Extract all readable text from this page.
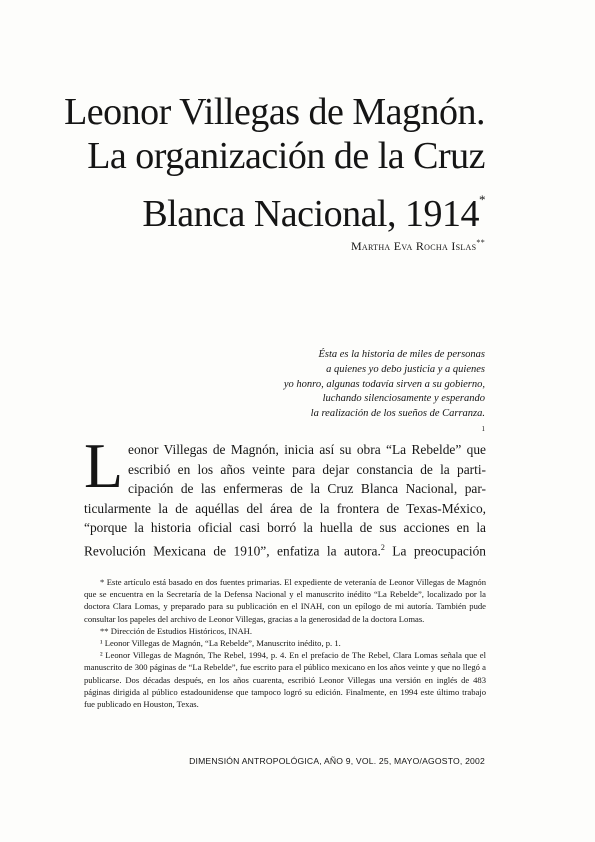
Leonor Villegas de Magnón.
La organización de la Cruz
Blanca Nacional, 1914*
Martha Eva Rocha Islas**
Ésta es la historia de miles de personas
a quienes yo debo justicia y a quienes
yo honro, algunas todavía sirven a su gobierno,
luchando silenciosamente y esperando
la realización de los sueños de Carranza.
$^1$
L eonor Villegas de Magnón, inicia así su obra “La Rebelde” que
escribió en los años veinte para dejar constancia de la parti-
cipación de las enfermeras de la Cruz Blanca Nacional, par-
ticularmente la de aquéllas del área de la frontera de Texas-México,
“porque la historia oficial casi borró la huella de sus acciones en la
Revolución Mexicana de 1910”, enfatiza la autora.$^2$ La preocupación

* Este artículo está basado en dos fuentes primarias. El expediente de veteranía de Leonor Villegas de Magnón que se encuentra en la Secretaría de la Defensa Nacional y el manuscrito inédito “La Rebelde”, localizado por la doctora Clara Lomas, y preparado para su publicación en el INAH, con un epílogo de mi autoría. También pude consultar los papeles del archivo de Leonor Villegas, gracias a la generosidad de la doctora Lomas.

** Dirección de Estudios Históricos, INAH.

¹ Leonor Villegas de Magnón, “La Rebelde”, Manuscrito inédito, p. 1.

² Leonor Villegas de Magnón, The Rebel, 1994, p. 4. En el prefacio de The Rebel, Clara Lomas señala que el manuscrito de 300 páginas de “La Rebelde”, fue escrito para el público mexicano en los años veinte y que no llegó a publicarse. Dos décadas después, en los años cuarenta, escribió Leonor Villegas una versión en inglés de 483 páginas dirigida al público estadounidense que tampoco logró su edición. Finalmente, en 1994 este último trabajo fue publicado en Houston, Texas.

DIMENSIÓN ANTROPOLÓGICA, AÑO 9, VOL. 25, MAYO/AGOSTO, 2002
